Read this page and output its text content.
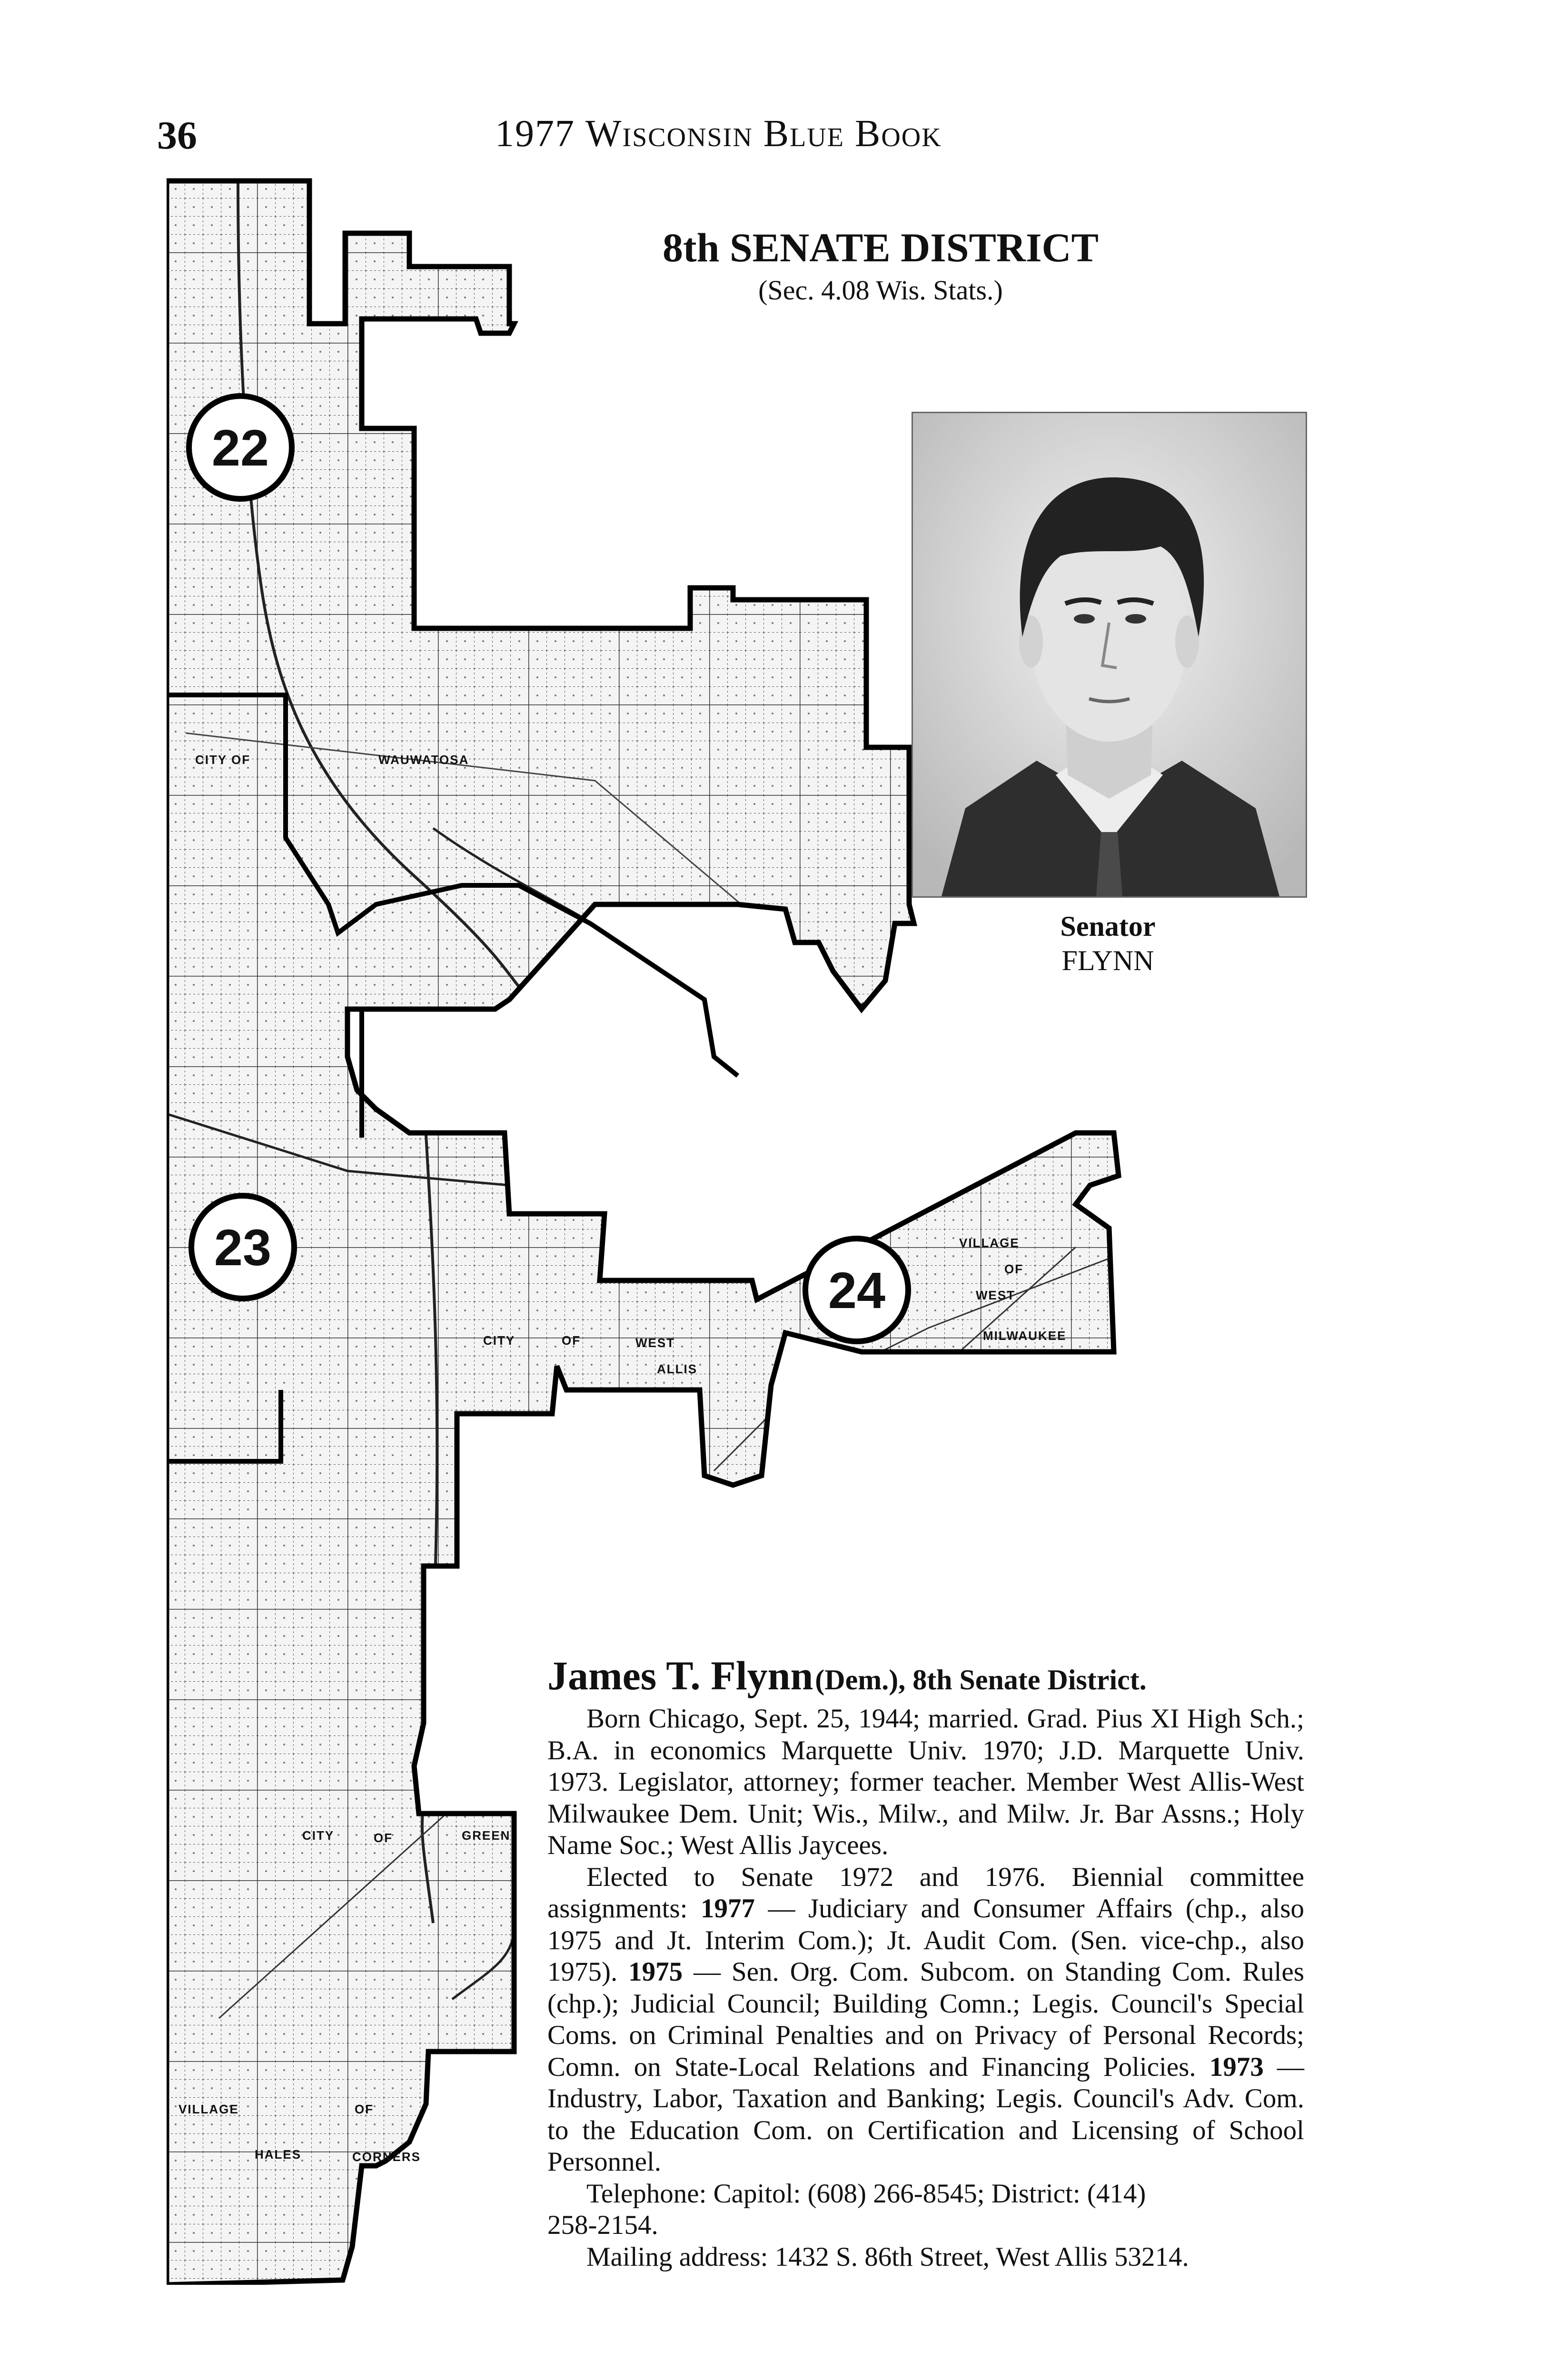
36	1977 Wisconsin Blue Book
8th SENATE DISTRICT
(Sec. 4.08 Wis. Stats.)
CITY OF	WAUWATOSA
CITY	OF	WEST
ALLIS
VILLAGE
OF
WEST
MILWAUKEE
CITY	OF	GREEN
VILLAGE	OF
HALES	CORNERS
22
23
24
Senator
FLYNN
James T. Flynn (Dem.), 8th Senate District.

Born Chicago, Sept. 25, 1944; married. Grad. Pius XI High Sch.; B.A. in economics Marquette Univ. 1970; J.D. Marquette Univ. 1973. Legislator, attorney; former teacher. Member West Allis-West Milwaukee Dem. Unit; Wis., Milw., and Milw. Jr. Bar Assns.; Holy Name Soc.; West Allis Jaycees.

Elected to Senate 1972 and 1976. Biennial committee assignments: 1977 — Judiciary and Consumer Affairs (chp., also 1975 and Jt. Interim Com.); Jt. Audit Com. (Sen. vice-chp., also 1975). 1975 — Sen. Org. Com. Subcom. on Standing Com. Rules (chp.); Judicial Council; Building Comn.; Legis. Council's Special Coms. on Criminal Penalties and on Privacy of Personal Records; Comn. on State-Local Relations and Financing Policies. 1973 — Industry, Labor, Taxation and Banking; Legis. Council's Adv. Com. to the Education Com. on Certification and Licensing of School Personnel.

Telephone: Capitol: (608) 266-8545; District: (414)

258-2154.

Mailing address: 1432 S. 86th Street, West Allis 53214.
